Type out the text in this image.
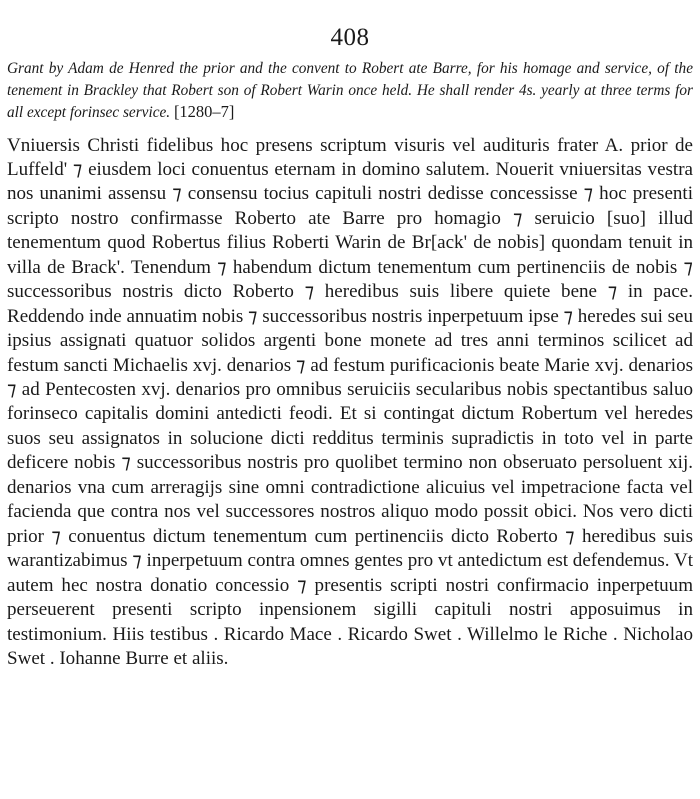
408

Grant by Adam de Henred the prior and the convent to Robert ate Barre, for his homage and service, of the tenement in Brackley that Robert son of Robert Warin once held. He shall render 4s. yearly at three terms for all except forinsec service. [1280–7]

Vniuersis Christi fidelibus hoc presens scriptum visuris vel audituris frater A. prior de Luffeld' ⁊ eiusdem loci conuentus eternam in domino salutem. Nouerit vniuersitas vestra nos unanimi assensu ⁊ consensu tocius capituli nostri dedisse concessisse ⁊ hoc presenti scripto nostro confirmasse Roberto ate Barre pro homagio ⁊ seruicio [suo] illud tenementum quod Robertus filius Roberti Warin de Br[ack' de nobis] quondam tenuit in villa de Brack'. Tenendum ⁊ habendum dictum tenementum cum pertinenciis de nobis ⁊ successoribus nostris dicto Roberto ⁊ heredibus suis libere quiete bene ⁊ in pace. Reddendo inde annuatim nobis ⁊ successoribus nostris inperpetuum ipse ⁊ heredes sui seu ipsius assignati quatuor solidos argenti bone monete ad tres anni terminos scilicet ad festum sancti Michaelis xvj. denarios ⁊ ad festum purificacionis beate Marie xvj. denarios ⁊ ad Pentecosten xvj. denarios pro omnibus seruiciis secularibus nobis spectantibus saluo forinseco capitalis domini antedicti feodi. Et si contingat dictum Robertum vel heredes suos seu assignatos in solucione dicti redditus terminis supradictis in toto vel in parte deficere nobis ⁊ successoribus nostris pro quolibet termino non obseruato persoluent xij. denarios vna cum arreragijs sine omni contradictione alicuius vel impetracione facta vel facienda que contra nos vel successores nostros aliquo modo possit obici. Nos vero dicti prior ⁊ conuentus dictum tenementum cum pertinenciis dicto Roberto ⁊ heredibus suis warantizabimus ⁊ inperpetuum contra omnes gentes pro vt antedictum est defendemus. Vt autem hec nostra donatio concessio ⁊ presentis scripti nostri confirmacio inperpetuum perseuerent presenti scripto inpensionem sigilli capituli nostri apposuimus in testimonium. Hiis testibus . Ricardo Mace . Ricardo Swet . Willelmo le Riche . Nicholao Swet . Iohanne Burre et aliis.
